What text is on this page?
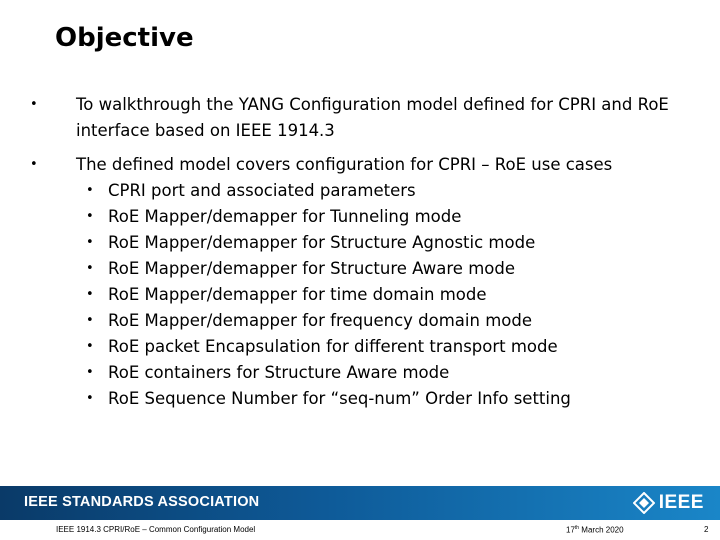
Objective
• To walkthrough the YANG Configuration model defined for CPRI and RoE interface based on IEEE 1914.3
• The defined model covers configuration for CPRI – RoE use cases
• CPRI port and associated parameters
• RoE Mapper/demapper for Tunneling mode
• RoE Mapper/demapper for Structure Agnostic mode
• RoE Mapper/demapper for Structure Aware mode
• RoE Mapper/demapper for time domain mode
• RoE Mapper/demapper for frequency domain mode
• RoE packet Encapsulation for different transport mode
• RoE containers for Structure Aware mode
• RoE Sequence Number for “seq-num” Order Info setting
IEEE STANDARDS ASSOCIATION	IEEE
IEEE 1914.3 CPRI/RoE – Common Configuration Model	17th March 2020	2
